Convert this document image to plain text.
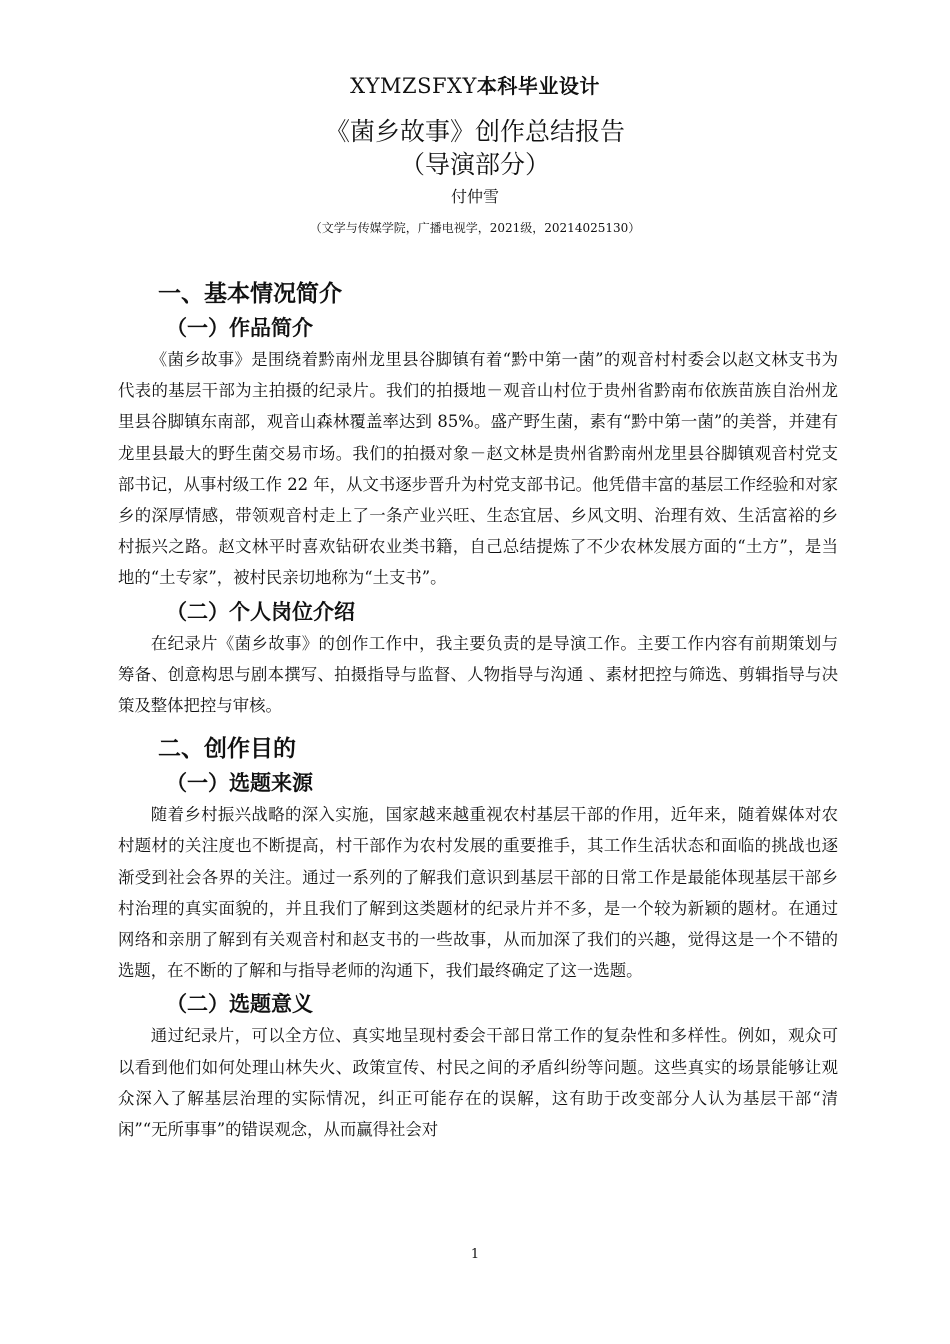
XYMZSFXY本科毕业设计
《菌乡故事》创作总结报告
（导演部分）
付仲雪
（文学与传媒学院，广播电视学，2021级，20214025130）
一、基本情况简介
（一）作品简介

《菌乡故事》是围绕着黔南州龙里县谷脚镇有着“黔中第一菌”的观音村村委会以赵文林支书为代表的基层干部为主拍摄的纪录片。我们的拍摄地－观音山村位于贵州省黔南布依族苗族自治州龙里县谷脚镇东南部，观音山森林覆盖率达到 85%。盛产野生菌，素有“黔中第一菌”的美誉，并建有龙里县最大的野生菌交易市场。我们的拍摄对象－赵文林是贵州省黔南州龙里县谷脚镇观音村党支部书记，从事村级工作 22 年，从文书逐步晋升为村党支部书记。他凭借丰富的基层工作经验和对家乡的深厚情感，带领观音村走上了一条产业兴旺、生态宜居、乡风文明、治理有效、生活富裕的乡村振兴之路。赵文林平时喜欢钻研农业类书籍，自己总结提炼了不少农林发展方面的“土方”，是当地的“土专家”，被村民亲切地称为“土支书”。

（二）个人岗位介绍

在纪录片《菌乡故事》的创作工作中，我主要负责的是导演工作。主要工作内容有前期策划与筹备、创意构思与剧本撰写、拍摄指导与监督、人物指导与沟通 、素材把控与筛选、剪辑指导与决策及整体把控与审核。

二、创作目的
（一）选题来源

随着乡村振兴战略的深入实施，国家越来越重视农村基层干部的作用，近年来，随着媒体对农村题材的关注度也不断提高，村干部作为农村发展的重要推手，其工作生活状态和面临的挑战也逐渐受到社会各界的关注。通过一系列的了解我们意识到基层干部的日常工作是最能体现基层干部乡村治理的真实面貌的，并且我们了解到这类题材的纪录片并不多，是一个较为新颖的题材。在通过网络和亲朋了解到有关观音村和赵支书的一些故事，从而加深了我们的兴趣，觉得这是一个不错的选题，在不断的了解和与指导老师的沟通下，我们最终确定了这一选题。

（二）选题意义

通过纪录片，可以全方位、真实地呈现村委会干部日常工作的复杂性和多样性。例如，观众可以看到他们如何处理山林失火、政策宣传、村民之间的矛盾纠纷等问题。这些真实的场景能够让观众深入了解基层治理的实际情况，纠正可能存在的误解，这有助于改变部分人认为基层干部“清闲”“无所事事”的错误观念，从而赢得社会对

1
